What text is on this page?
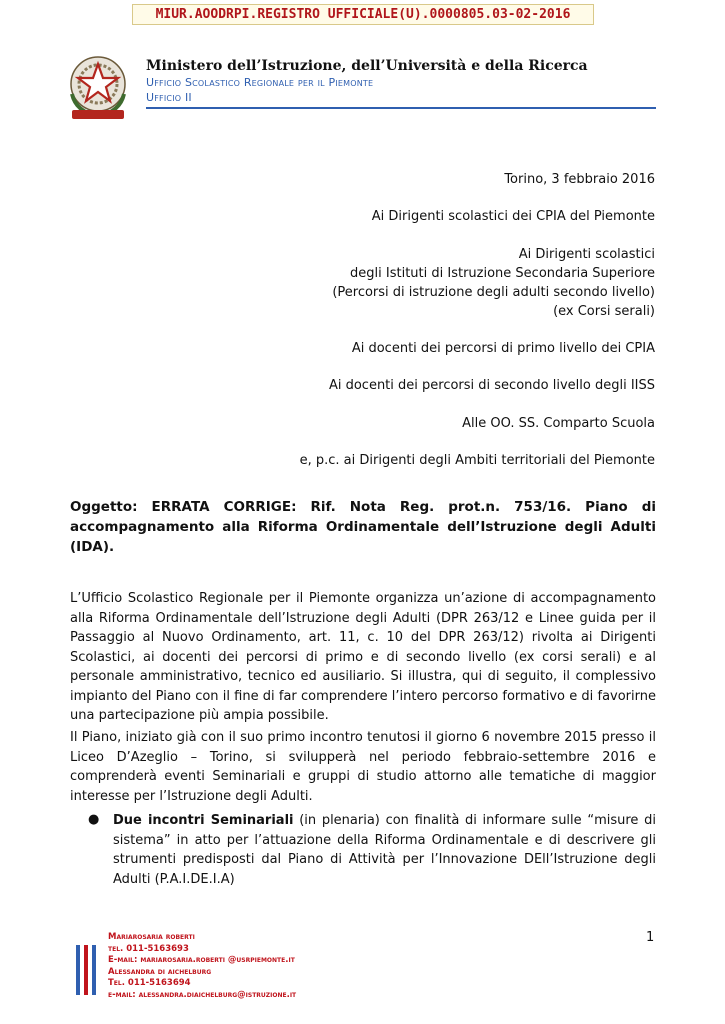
MIUR.AOODRPI.REGISTRO UFFICIALE(U).0000805.03-02-2016
Ministero dell’Istruzione, dell’Università e della Ricerca
Ufficio Scolastico Regionale per il Piemonte
Ufficio II
Torino, 3 febbraio 2016
Ai Dirigenti scolastici dei CPIA del Piemonte
Ai Dirigenti scolastici
degli Istituti di Istruzione Secondaria Superiore
(Percorsi di istruzione degli adulti secondo livello)
(ex Corsi serali)
Ai docenti dei percorsi di primo livello dei CPIA
Ai docenti dei percorsi di secondo livello degli IISS
Alle OO. SS. Comparto Scuola
e, p.c. ai Dirigenti degli Ambiti territoriali del Piemonte
Oggetto: ERRATA CORRIGE: Rif. Nota Reg. prot.n. 753/16. Piano di accompagnamento alla Riforma Ordinamentale dell’Istruzione degli Adulti (IDA).
L’Ufficio Scolastico Regionale per il Piemonte organizza un’azione di accompagnamento alla Riforma Ordinamentale dell’Istruzione degli Adulti (DPR 263/12 e Linee guida per il Passaggio al Nuovo Ordinamento, art. 11, c. 10 del DPR 263/12) rivolta ai Dirigenti Scolastici, ai docenti dei percorsi di primo e di secondo livello (ex corsi serali) e al personale amministrativo, tecnico ed ausiliario. Si illustra, qui di seguito, il complessivo impianto del Piano con il fine di far comprendere l’intero percorso formativo e di favorirne una partecipazione più ampia possibile.
Il Piano, iniziato già con il suo primo incontro tenutosi il giorno 6 novembre 2015 presso il Liceo D’Azeglio – Torino, si svilupperà nel periodo febbraio-settembre 2016 e comprenderà eventi Seminariali e gruppi di studio attorno alle tematiche di maggior interesse per l’Istruzione degli Adulti.
● Due incontri Seminariali (in plenaria) con finalità di informare sulle “misure di sistema” in atto per l’attuazione della Riforma Ordinamentale e di descrivere gli strumenti predisposti dal Piano di Attività per l’Innovazione DEll’Istruzione degli Adulti (P.A.I.DE.I.A)
Mariarosaria roberti
tel. 011-5163693
E-mail: mariarosaria.roberti @usrpiemonte.it
Alessandra di aichelburg
Tel. 011-5163694
e-mail: alessandra.diaichelburg@istruzione.it
1
